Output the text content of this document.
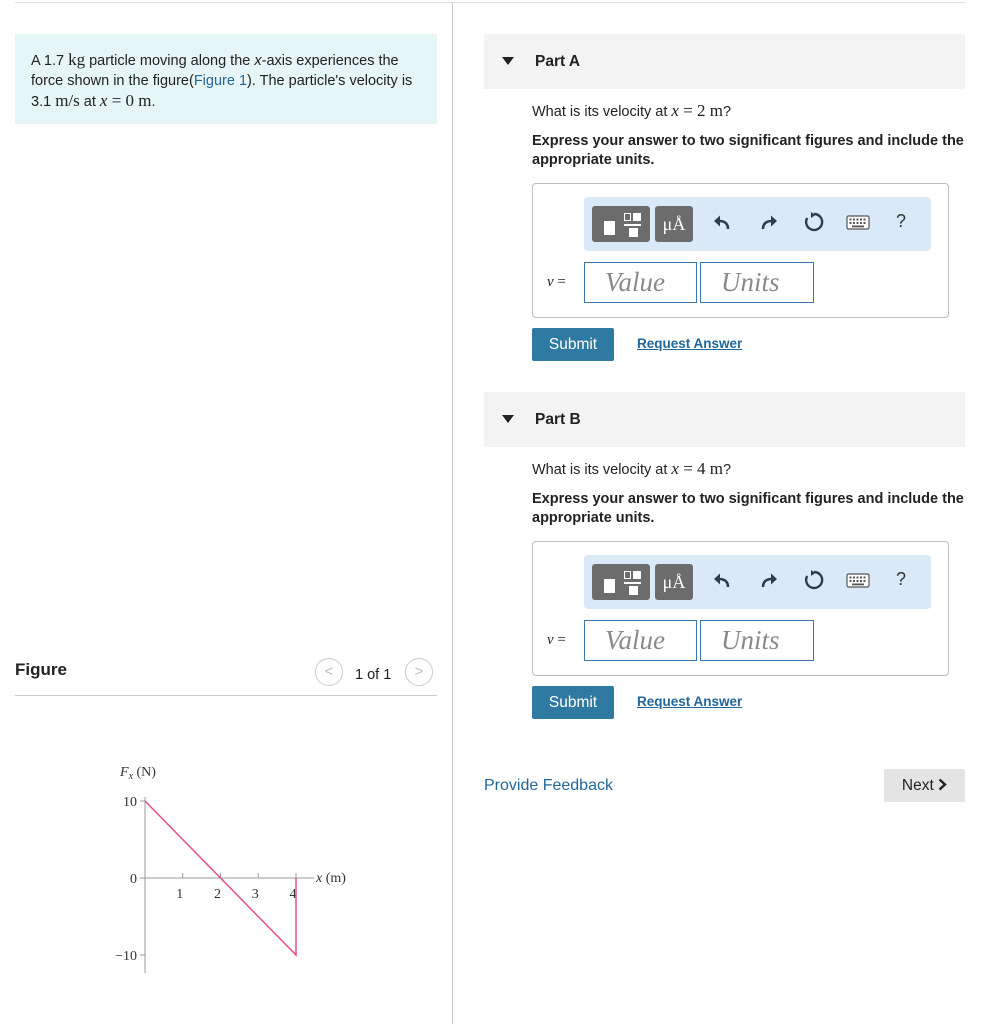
A 1.7 kg particle moving along the x-axis experiences the force shown in the figure(Figure 1). The particle's velocity is 3.1 m/s at x = 0 m.
Figure	<	1 of 1	>
10
0
−10
1 2 3 4
$F_x$ (N)
x (m)
Part A
What is its velocity at x = 2 m?
Express your answer to two significant figures and include the appropriate units.
μÅ	?
v =
Value
Units
Submit	Request Answer
Part B
What is its velocity at x = 4 m?
Express your answer to two significant figures and include the appropriate units.
μÅ	?
v =
Value
Units
Submit	Request Answer
Provide Feedback	Next
